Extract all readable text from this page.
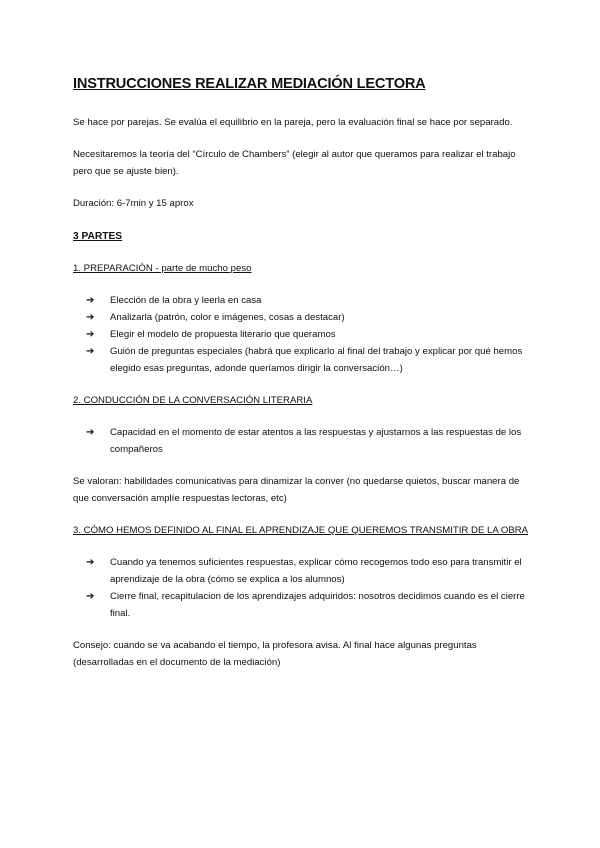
INSTRUCCIONES REALIZAR MEDIACIÓN LECTORA

Se hace por parejas. Se evalúa el equilibrio en la pareja, pero la evaluación final se hace por separado.

Necesitaremos la teoría del “Círculo de Chambers” (elegir al autor que queramos para realizar el trabajo pero que se ajuste bien).

Duración: 6-7min y 15 aprox

3 PARTES
1. PREPARACIÓN - parte de mucho peso
➔ Elección de la obra y leerla en casa
➔ Analizarla (patrón, color e imágenes, cosas a destacar)
➔ Elegir el modelo de propuesta literario que queramos
➔ Guión de preguntas especiales (habrá que explicarlo al final del trabajo y explicar por qué hemos elegido esas preguntas, adonde queríamos dirigir la conversación…)
2. CONDUCCIÓN DE LA CONVERSACIÓN LITERARIA
➔ Capacidad en el momento de estar atentos a las respuestas y ajustarnos a las respuestas de los compañeros

Se valoran: habilidades comunicativas para dinamizar la conver (no quedarse quietos, buscar manera de que conversación amplíe respuestas lectoras, etc)

3. CÓMO HEMOS DEFINIDO AL FINAL EL APRENDIZAJE QUE QUEREMOS TRANSMITIR DE LA OBRA
➔ Cuando ya tenemos suficientes respuestas, explicar cómo recogemos todo eso para transmitir el aprendizaje de la obra (cómo se explica a los alumnos)
➔ Cierre final, recapitulacion de los aprendizajes adquiridos: nosotros decidimos cuando es el cierre final.

Consejo: cuando se va acabando el tiempo, la profesora avisa. Al final hace algunas preguntas (desarrolladas en el documento de la mediación)
